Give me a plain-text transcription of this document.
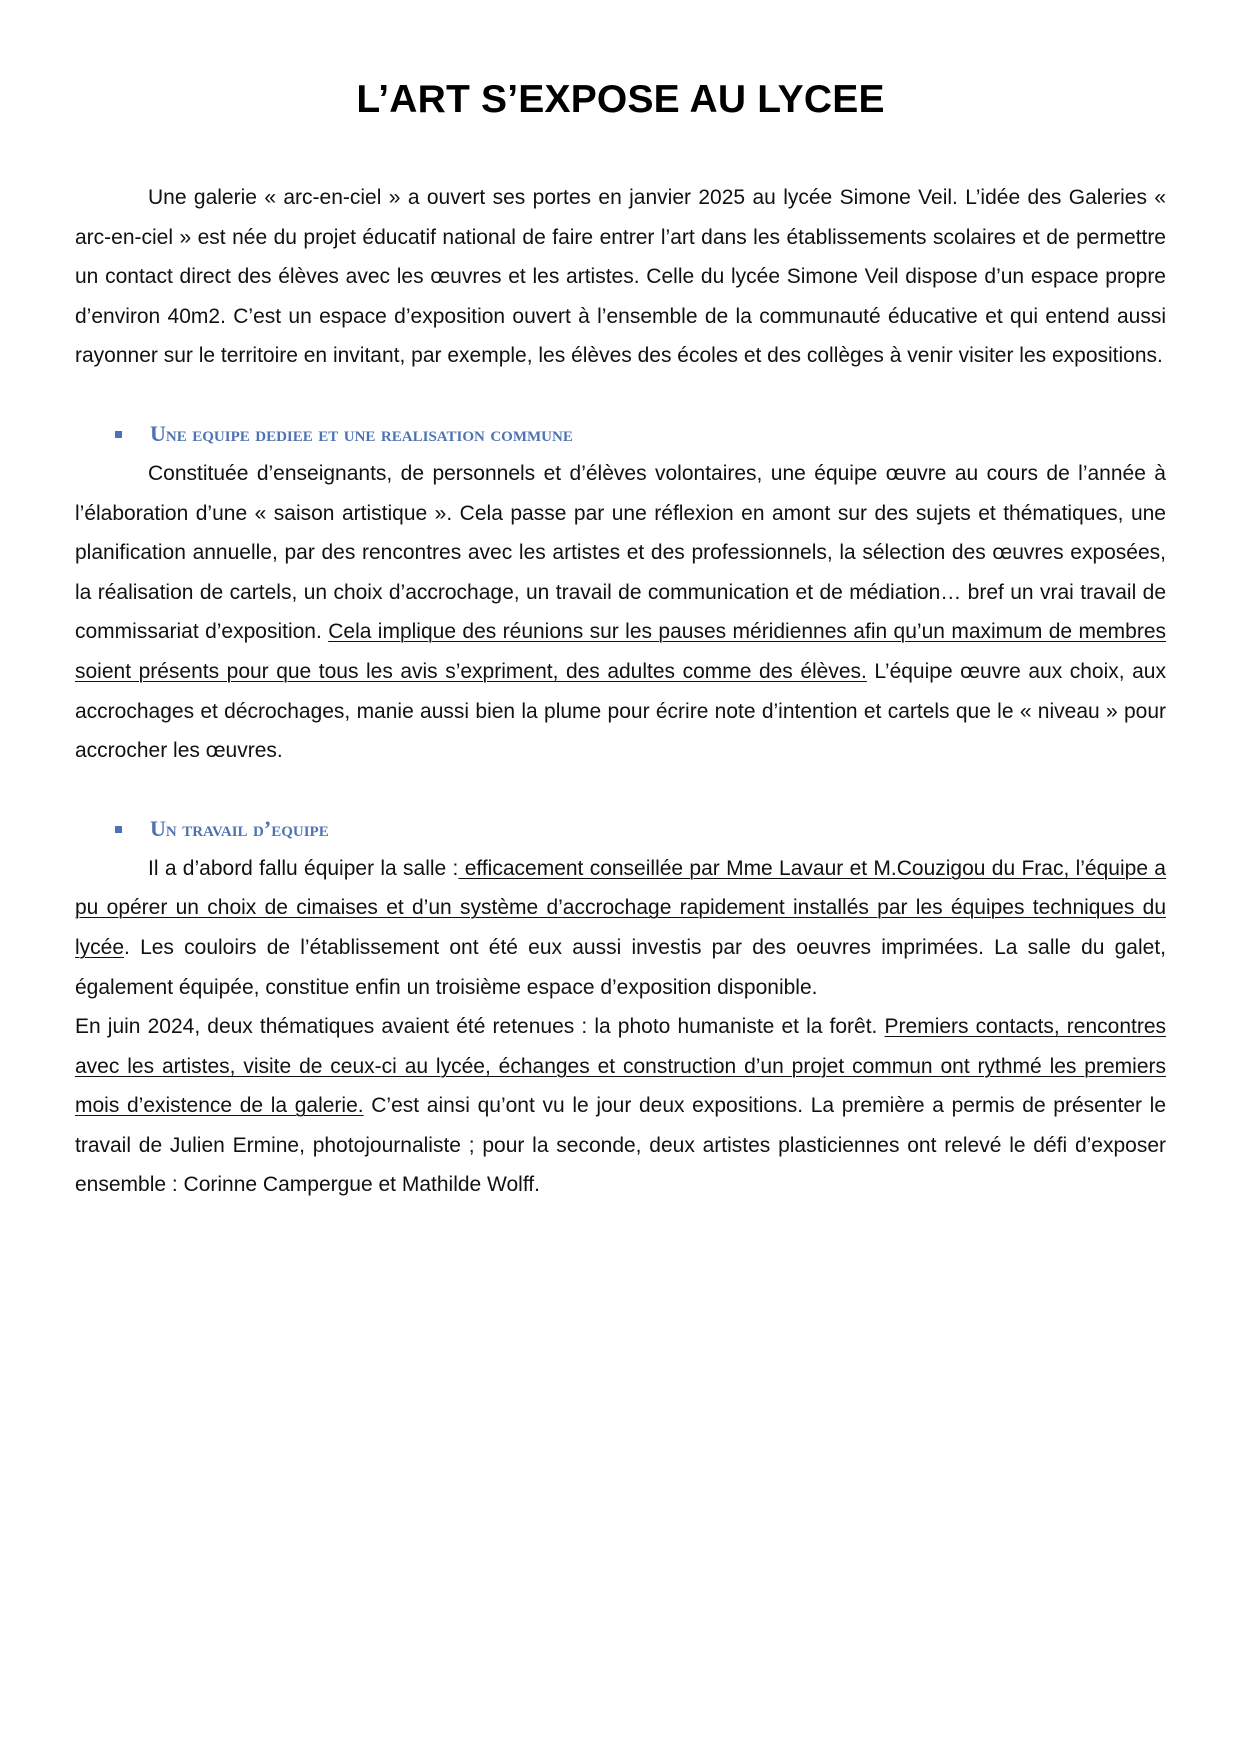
L’ART S’EXPOSE AU LYCEE

Une galerie « arc-en-ciel » a ouvert ses portes en janvier 2025 au lycée Simone Veil. L’idée des Galeries « arc-en-ciel » est née du projet éducatif national de faire entrer l’art dans les établissements scolaires et de permettre un contact direct des élèves avec les œuvres et les artistes. Celle du lycée Simone Veil dispose d’un espace propre d’environ 40m2. C’est un espace d’exposition ouvert à l’ensemble de la communauté éducative et qui entend aussi rayonner sur le territoire en invitant, par exemple, les élèves des écoles et des collèges à venir visiter les expositions.

Une equipe dediee et une realisation commune

Constituée d’enseignants, de personnels et d’élèves volontaires, une équipe œuvre au cours de l’année à l’élaboration d’une « saison artistique ». Cela passe par une réflexion en amont sur des sujets et thématiques, une planification annuelle, par des rencontres avec les artistes et des professionnels, la sélection des œuvres exposées, la réalisation de cartels, un choix d’accrochage, un travail de communication et de médiation… bref un vrai travail de commissariat d’exposition. Cela implique des réunions sur les pauses méridiennes afin qu’un maximum de membres soient présents pour que tous les avis s’expriment, des adultes comme des élèves. L’équipe œuvre aux choix, aux accrochages et décrochages, manie aussi bien la plume pour écrire note d’intention et cartels que le « niveau » pour accrocher les œuvres.

Un travail d’equipe

Il a d’abord fallu équiper la salle : efficacement conseillée par Mme Lavaur et M.Couzigou du Frac, l’équipe a pu opérer un choix de cimaises et d’un système d’accrochage rapidement installés par les équipes techniques du lycée. Les couloirs de l’établissement ont été eux aussi investis par des oeuvres imprimées. La salle du galet, également équipée, constitue enfin un troisième espace d’exposition disponible.

En juin 2024, deux thématiques avaient été retenues : la photo humaniste et la forêt. Premiers contacts, rencontres avec les artistes, visite de ceux-ci au lycée, échanges et construction d’un projet commun ont rythmé les premiers mois d’existence de la galerie. C’est ainsi qu’ont vu le jour deux expositions. La première a permis de présenter le travail de Julien Ermine, photojournaliste ; pour la seconde, deux artistes plasticiennes ont relevé le défi d’exposer ensemble : Corinne Campergue et Mathilde Wolff.
